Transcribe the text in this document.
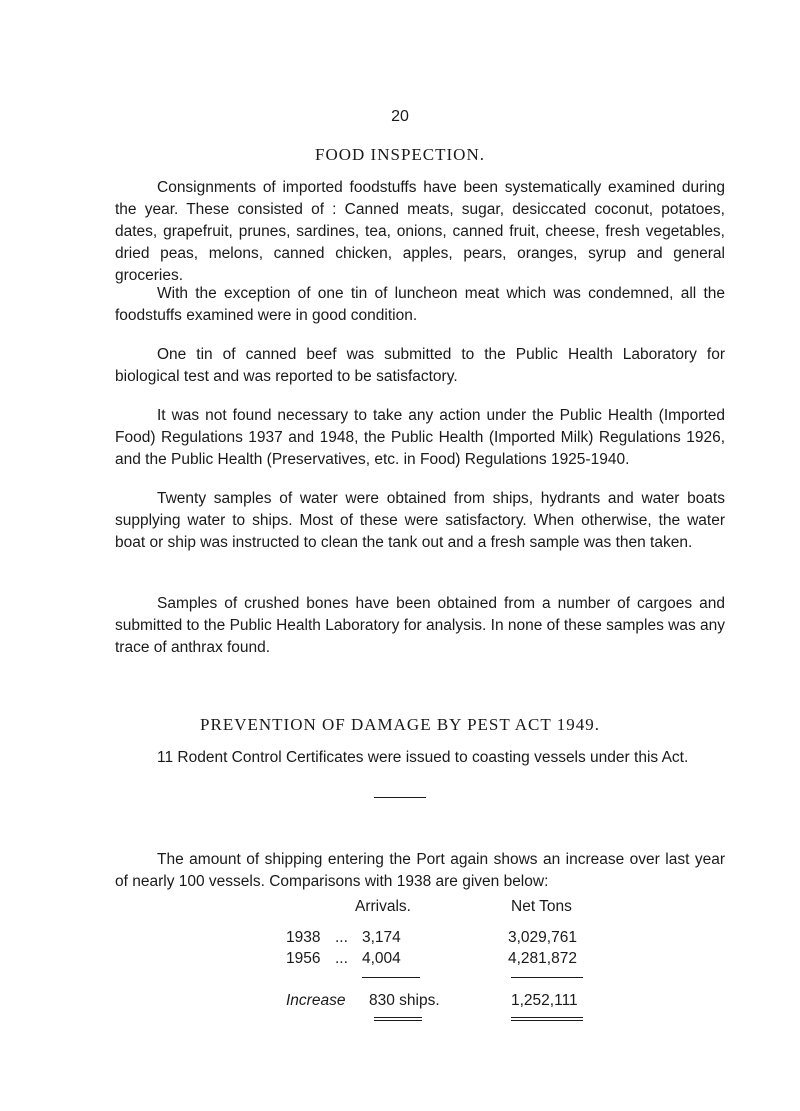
20
FOOD INSPECTION.

Consignments of imported foodstuffs have been systematically examined during the year. These consisted of : Canned meats, sugar, desiccated coconut, potatoes, dates, grapefruit, prunes, sardines, tea, onions, canned fruit, cheese, fresh vegetables, dried peas, melons, canned chicken, apples, pears, oranges, syrup and general groceries.

With the exception of one tin of luncheon meat which was condemned, all the foodstuffs examined were in good condition.

One tin of canned beef was submitted to the Public Health Laboratory for biological test and was reported to be satisfactory.

It was not found necessary to take any action under the Public Health (Imported Food) Regulations 1937 and 1948, the Public Health (Imported Milk) Regulations 1926, and the Public Health (Preservatives, etc. in Food) Regulations 1925-1940.

Twenty samples of water were obtained from ships, hydrants and water boats supplying water to ships. Most of these were satisfactory. When otherwise, the water boat or ship was instructed to clean the tank out and a fresh sample was then taken.

Samples of crushed bones have been obtained from a number of cargoes and submitted to the Public Health Laboratory for analysis. In none of these samples was any trace of anthrax found.

PREVENTION OF DAMAGE BY PEST ACT 1949.

11 Rodent Control Certificates were issued to coasting vessels under this Act.

The amount of shipping entering the Port again shows an increase over last year of nearly 100 vessels. Comparisons with 1938 are given below:

Arrivals.	Net Tons
1938 ... 3,174	3,029,761
1956 ... 4,004	4,281,872
Increase 830 ships.	1,252,111
